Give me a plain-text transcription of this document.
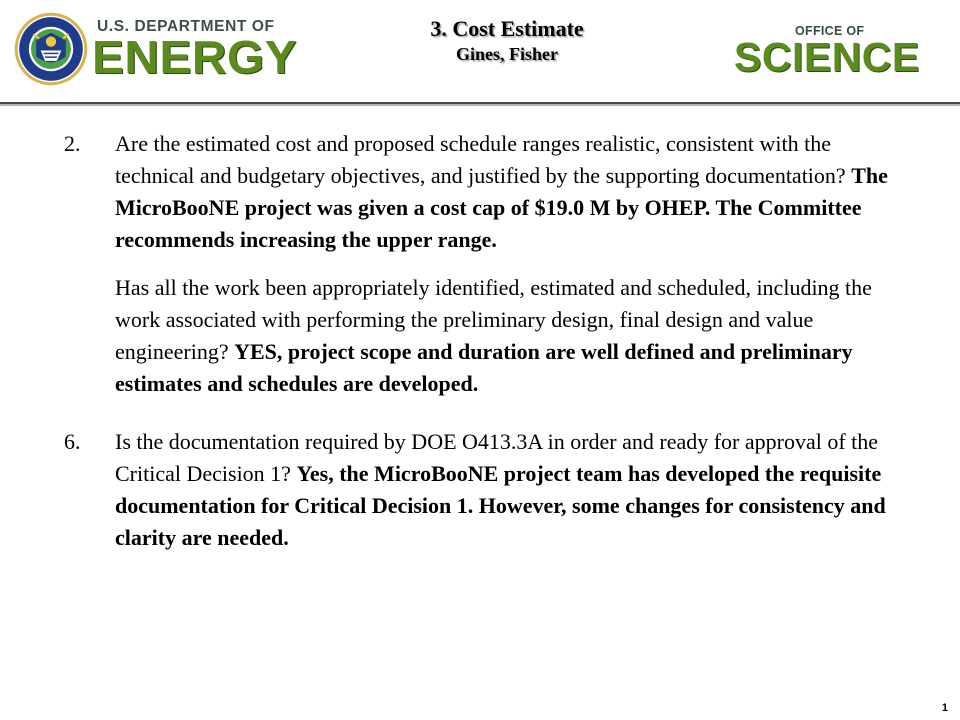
U.S. DEPARTMENT OF
ENERGY
3. Cost Estimate
Gines, Fisher
OFFICE OF
SCIENCE
2.	Are the estimated cost and proposed schedule ranges realistic, consistent with the technical and budgetary objectives, and justified by the supporting documentation? The MicroBooNE project was given a cost cap of $19.0 M by OHEP. The Committee recommends increasing the upper range.
Has all the work been appropriately identified, estimated and scheduled, including the work associated with performing the preliminary design, final design and value engineering? YES, project scope and duration are well defined and preliminary estimates and schedules are developed.
6.	Is the documentation required by DOE O413.3A in order and ready for approval of the Critical Decision 1? Yes, the MicroBooNE project team has developed the requisite documentation for Critical Decision 1. However, some changes for consistency and clarity are needed.
1
